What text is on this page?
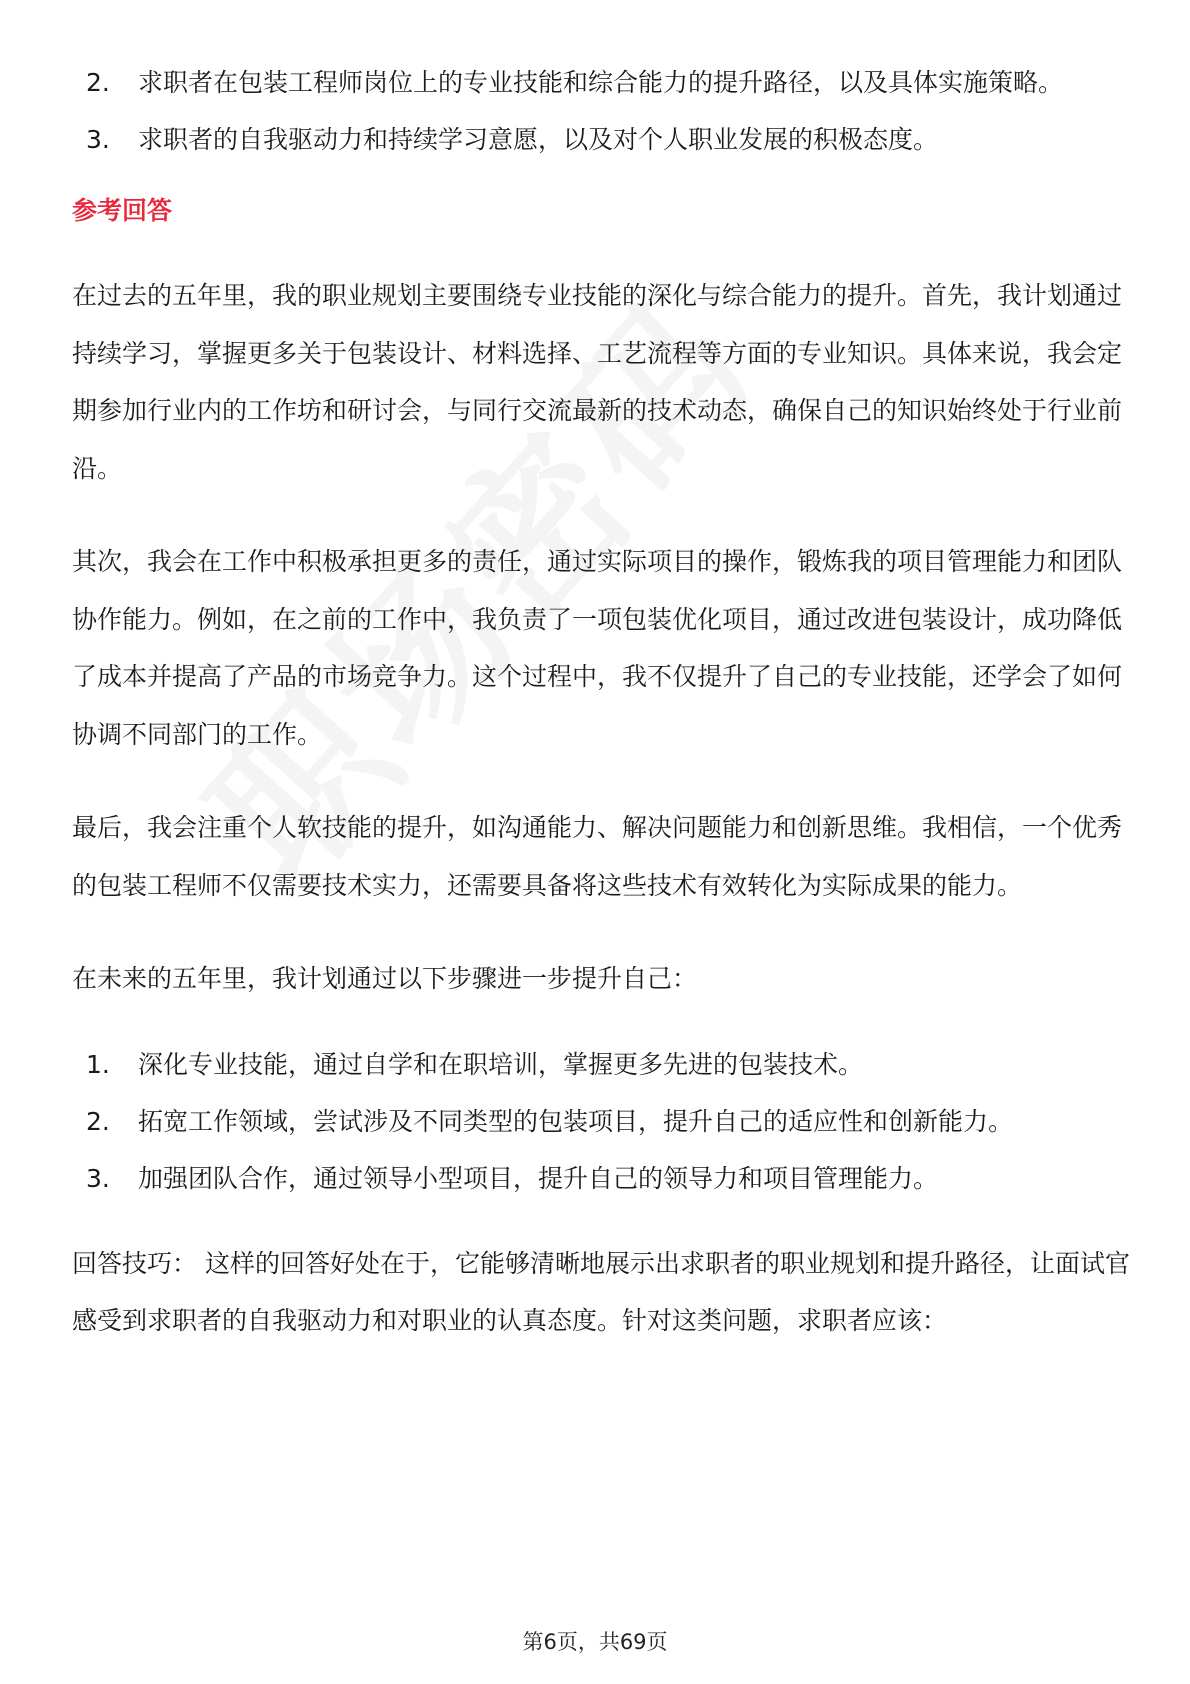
2.	求职者在包装工程师岗位上的专业技能和综合能力的提升路径，以及具体实施策略。
3.	求职者的自我驱动力和持续学习意愿，以及对个人职业发展的积极态度。
参考回答

在过去的五年里，我的职业规划主要围绕专业技能的深化与综合能力的提升。首先，我计划通过持续学习，掌握更多关于包装设计、材料选择、工艺流程等方面的专业知识。具体来说，我会定期参加行业内的工作坊和研讨会，与同行交流最新的技术动态，确保自己的知识始终处于行业前沿。

其次，我会在工作中积极承担更多的责任，通过实际项目的操作，锻炼我的项目管理能力和团队协作能力。例如，在之前的工作中，我负责了一项包装优化项目，通过改进包装设计，成功降低了成本并提高了产品的市场竞争力。这个过程中，我不仅提升了自己的专业技能，还学会了如何协调不同部门的工作。

最后，我会注重个人软技能的提升，如沟通能力、解决问题能力和创新思维。我相信，一个优秀的包装工程师不仅需要技术实力，还需要具备将这些技术有效转化为实际成果的能力。

在未来的五年里，我计划通过以下步骤进一步提升自己：

1.	深化专业技能，通过自学和在职培训，掌握更多先进的包装技术。
2.	拓宽工作领域，尝试涉及不同类型的包装项目，提升自己的适应性和创新能力。
3.	加强团队合作，通过领导小型项目，提升自己的领导力和项目管理能力。

回答技巧： 这样的回答好处在于，它能够清晰地展示出求职者的职业规划和提升路径，让面试官感受到求职者的自我驱动力和对职业的认真态度。针对这类问题，求职者应该：

第6页，共69页
